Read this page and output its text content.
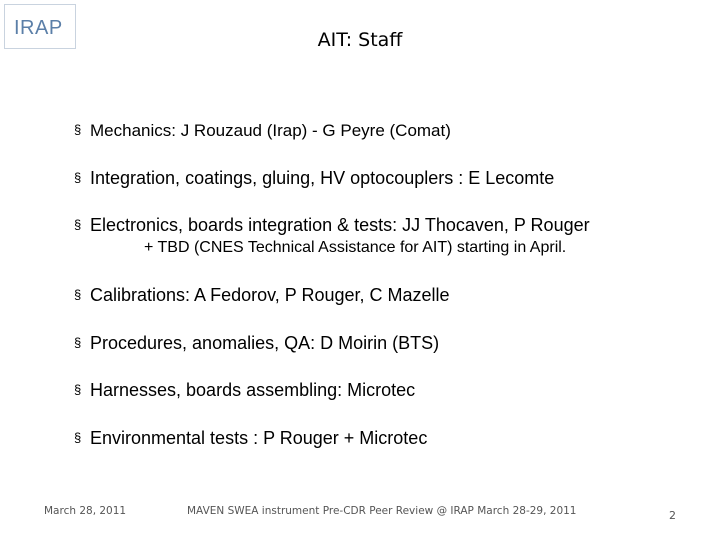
IRAP
AIT: Staff
§ Mechanics: J Rouzaud (Irap) - G Peyre (Comat)
§ Integration, coatings, gluing, HV optocouplers : E Lecomte
§ Electronics, boards integration & tests: JJ Thocaven, P Rouger
§ Calibrations: A Fedorov, P Rouger, C Mazelle
§ Procedures, anomalies, QA: D Moirin (BTS)
§ Harnesses, boards assembling: Microtec
§ Environmental tests : P Rouger + Microtec
+ TBD (CNES Technical Assistance for AIT) starting in April.
March 28, 2011	MAVEN SWEA instrument Pre-CDR Peer Review @ IRAP March 28-29, 2011	2
